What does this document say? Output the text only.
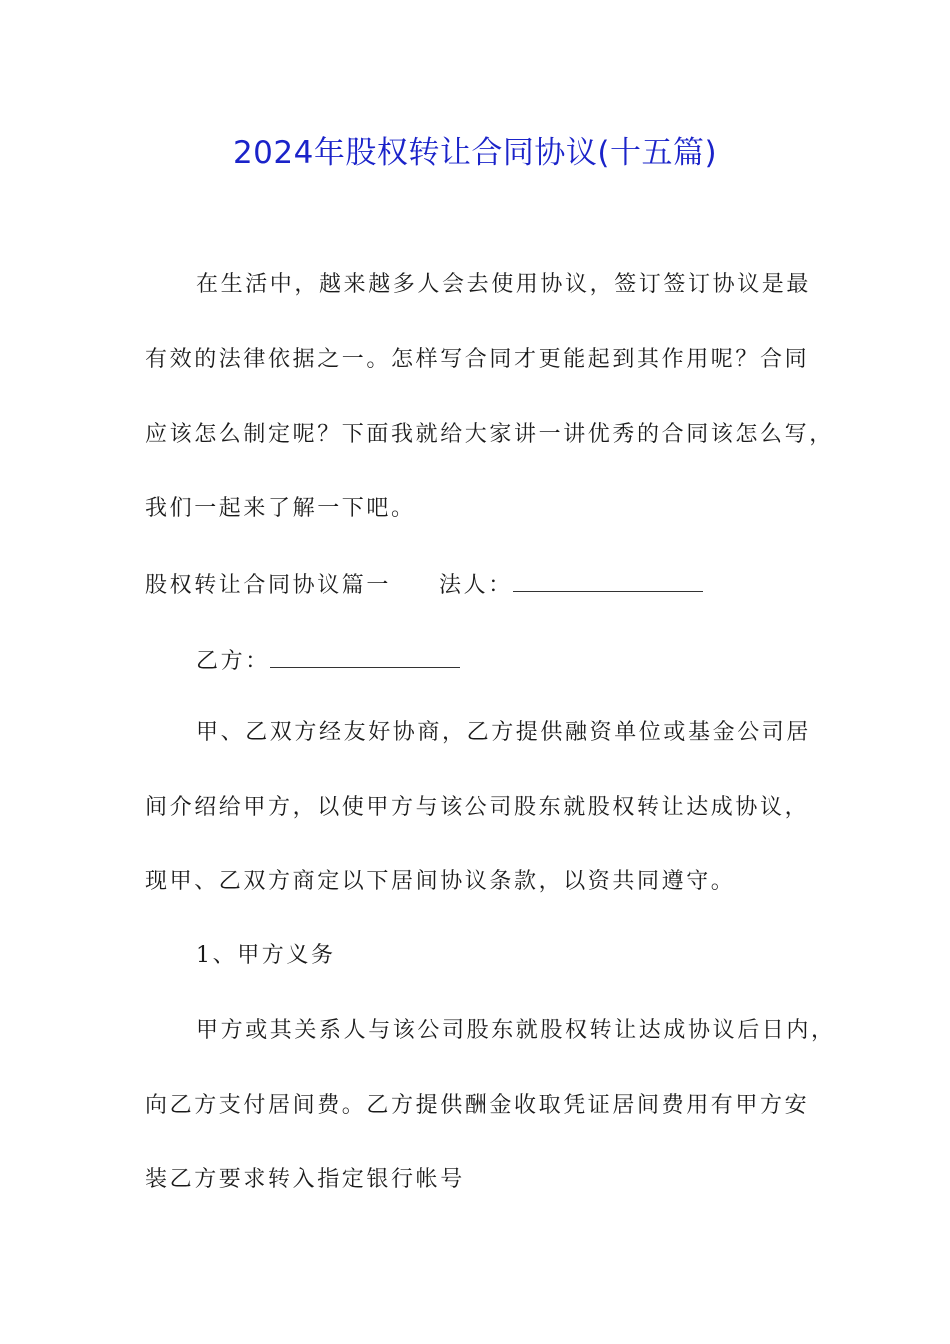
2024年股权转让合同协议(十五篇)
在生活中，越来越多人会去使用协议，签订签订协议是最
有效的法律依据之一。怎样写合同才更能起到其作用呢？合同
应该怎么制定呢？下面我就给大家讲一讲优秀的合同该怎么写，
我们一起来了解一下吧。
股权转让合同协议篇一 法人：
乙方：
甲、乙双方经友好协商，乙方提供融资单位或基金公司居
间介绍给甲方，以使甲方与该公司股东就股权转让达成协议，
现甲、乙双方商定以下居间协议条款，以资共同遵守。
1、甲方义务
甲方或其关系人与该公司股东就股权转让达成协议后日内，
向乙方支付居间费。乙方提供酬金收取凭证居间费用有甲方安
装乙方要求转入指定银行帐号
